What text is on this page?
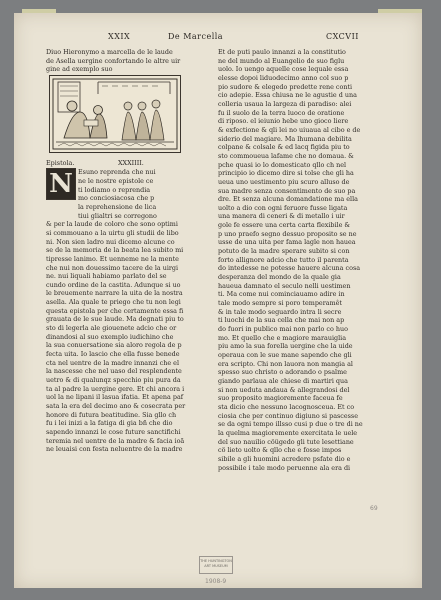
XXIX	De Marcella	CXCVII

Diuo Hieronymo a marcella de le laude

de Asella uergine confortando le altre uir

gine ad exemplo suo

Epistola.	XXXIIII.
N Esuno reprenda che nui

ne le nostre epistole ce

ti lodiamo o reprendia

mo conciosiacosa che p

la reprehensione de lica

tiui glialtri se corregono

& per la laude de coloro che sono optimi

si commouano a la uirtu gli studii de libo

ni. Non sien ladro nui dicemo alcune co

se de la memoria de la beata lea subito mi

tipresse lanimo. Et uenneme ne la mente

che nui non douessimo tacere de la uirgi

ne. nui liquali habiamo parlato del se

cundo ordine de la castita. Adunque si uo

le breuemente narrare la uita de la nostra

asella. Ala quale te priego che tu non legi

questa epistola per che certamente essa fi

grauata de le sue laude. Ma degnati piu to

sto di legerla ale giouenete adcio che or

dinandosi al suo exemplo iudichino che

la sua conuersatione sia aloro regola de p

fecta uita. Io lascio che ella fusse benede

cta nel uentre de la madre innanzi che el

la nascesse che nel uaso del resplendente

uetro & di qualunqz specchio piu pura da

ta al padre la uergine gere. Et chi ancora i

uol la ne lipani il lasua ifatia. Et apena paf

sata la era del decimo ano & cosecrata per

honore di futura beatitudine. Sia gllo ch

fu i lei inizi a la fatiga di gia bñ che dio

sapendo innanzi le cose future sanctifichi

teremia nel uentre de la madre & facia ioã

ne leuaisi con festa neluentre de la madre

Et de puti paulo innanzi a la constitutio

ne del mundo al Euangelio de suo figlu

uolo. Io uengo aquelle cose lequale essa

elesse dopoi liduodecimo anno col suo p

pio sudore & elegedo predette rene conti

cio adepie. Essa chiusa ne le agustie d una

colleria usaua la largeza di paradiso: alei

fu il suolo de la terra luoco de oratione

di riposo. el ieiunio hebe uno gioco liere

& exfectione & qli lei no uiuaua al cibo e de

siderio del magiare. Ma lhumana debilita

colpane & colsale & ed lacq figida piu to

sto commoueua lafame che no domaua. &

pche quasi io lo domesticato qllo ch nel

principio io dicemo dire si tolse che gli ha

ueua uno uestimento piu scuro alluso de

sua madre senza consentimento de suo pa

dre. Et senza alcuna domandatione ma ella

uolto a dio con ogni feruore fusse ligata

una manera di ceneri & di metallo i uir

gole fe essere una certa carta flexibile &

p uno praefo segno dessuo proposito se ne

usse de una uita per fama lagle non hauea

potuto de la madre sperare subito si con

forto allignore adcio che tutto il parenta

do intedesse ne potesse hauere alcuna cosa

desperanza del mondo de la quale gia

haueua damnato el seculo nelli uestimen

ti. Ma come nui cominciauamo adire in

tale modo sempre si poro temperamêt

& in tale modo seguardo intra li secre

ti luochi de la sua cella che mai non ap

do fuori in publico mai non parlo co huo

mo. Et quello che e magiore marauiglia

piu amo la sua forella uergine che la uide

operaua con le sue mane sapendo che gli

era scripto. Chi non lauora non mangia al

spesso suo christo o adorando o psalme

giando parlaua ale chiese di martiri qua

si non ueduta andaua & allegrandosi del

suo proposito magioremente faceua fe

sta dicio che nessuno lacognosceua. Et co

ciosia che per continuo digiuno si pascesse

se da ogni tempo illsso cusi p due o tre di ne

la quelma magioremente exercitata le uele

del suo nauilio cöügedo gli tute lesettiane

cö lieto uolto & qllo che e fosse impos

sibile a gli huomini acredere psfate dio e

possibile i tale modo peruenne ala era di

69
THE HUNTINGTON ART MUSEUM
1908-9
